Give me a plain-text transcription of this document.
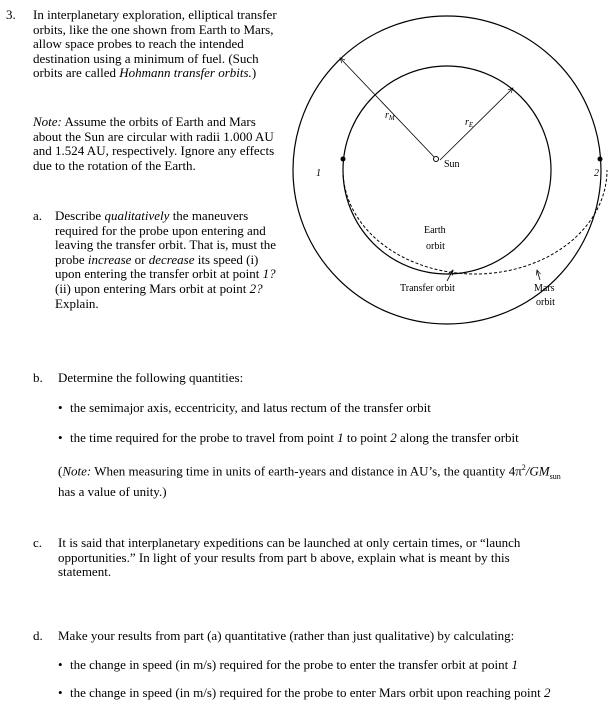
3. In interplanetary exploration, elliptical transfer orbits, like the one shown from Earth to Mars, allow space probes to reach the intended destination using a minimum of fuel. (Such orbits are called Hohmann transfer orbits.)
Note: Assume the orbits of Earth and Mars about the Sun are circular with radii 1.000 AU and 1.524 AU, respectively. Ignore any effects due to the rotation of the Earth.
a. Describe qualitatively the maneuvers required for the probe upon entering and leaving the transfer orbit. That is, must the probe increase or decrease its speed (i) upon entering the transfer orbit at point 1? (ii) upon entering Mars orbit at point 2? Explain.
Sun
$r_M$	$r_E$
1	2
Earth
orbit
Transfer orbit	Mars
orbit
b. Determine the following quantities:
• the semimajor axis, eccentricity, and latus rectum of the transfer orbit
• the time required for the probe to travel from point 1 to point 2 along the transfer orbit
(Note: When measuring time in units of earth-years and distance in AU’s, the quantity $4\pi^2/GM_{sun}$
has a value of unity.)
c. It is said that interplanetary expeditions can be launched at only certain times, or “launch opportunities.” In light of your results from part b above, explain what is meant by this statement.
d. Make your results from part (a) quantitative (rather than just qualitative) by calculating:
• the change in speed (in m/s) required for the probe to enter the transfer orbit at point 1
• the change in speed (in m/s) required for the probe to enter Mars orbit upon reaching point 2
